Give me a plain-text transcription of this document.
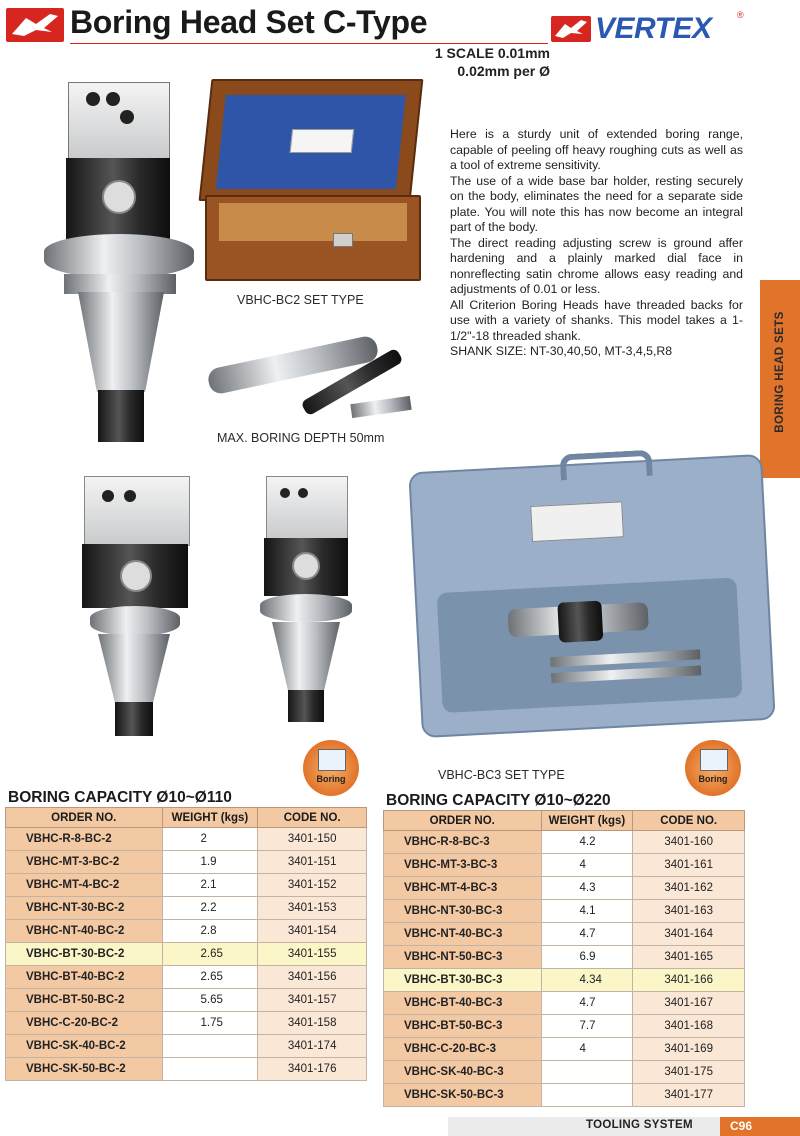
Boring Head Set C-Type	VERTEX	®
1 SCALE 0.01mm
0.02mm per Ø
VBHC-BC2 SET TYPE
MAX. BORING DEPTH 50mm

Here is a sturdy unit of extended boring range, capable of peeling off heavy roughing cuts as well as a tool of extreme sensitivity.

The use of a wide base bar holder, resting securely on the body, eliminates the need for a separate side plate. You will note this has now become an integral part of the body.

The direct reading adjusting screw is ground affer hardening and a plainly marked dial face in nonreflecting satin chrome allows easy reading and adjustments of 0.01 or less.

All Criterion Boring Heads have threaded backs for use with a variety of shanks. This model takes a 1-1/2"-18 threaded shank.

SHANK SIZE: NT-30,40,50, MT-3,4,5,R8	BORING HEAD SETS
VBHC-BC3 SET TYPE
Boring	Boring
BORING CAPACITY Ø10~Ø110
ORDER NO.	WEIGHT (kgs)	CODE NO.
VBHC-R-8-BC-2	2	3401-150
VBHC-MT-3-BC-2	1.9	3401-151
VBHC-MT-4-BC-2	2.1	3401-152
VBHC-NT-30-BC-2	2.2	3401-153
VBHC-NT-40-BC-2	2.8	3401-154
VBHC-BT-30-BC-2	2.65	3401-155
VBHC-BT-40-BC-2	2.65	3401-156
VBHC-BT-50-BC-2	5.65	3401-157
VBHC-C-20-BC-2	1.75	3401-158
VBHC-SK-40-BC-2		3401-174
VBHC-SK-50-BC-2		3401-176
BORING CAPACITY Ø10~Ø220
ORDER NO.	WEIGHT (kgs)	CODE NO.
VBHC-R-8-BC-3	4.2	3401-160
VBHC-MT-3-BC-3	4	3401-161
VBHC-MT-4-BC-3	4.3	3401-162
VBHC-NT-30-BC-3	4.1	3401-163
VBHC-NT-40-BC-3	4.7	3401-164
VBHC-NT-50-BC-3	6.9	3401-165
VBHC-BT-30-BC-3	4.34	3401-166
VBHC-BT-40-BC-3	4.7	3401-167
VBHC-BT-50-BC-3	7.7	3401-168
VBHC-C-20-BC-3	4	3401-169
VBHC-SK-40-BC-3		3401-175
VBHC-SK-50-BC-3		3401-177
TOOLING SYSTEM	C96
